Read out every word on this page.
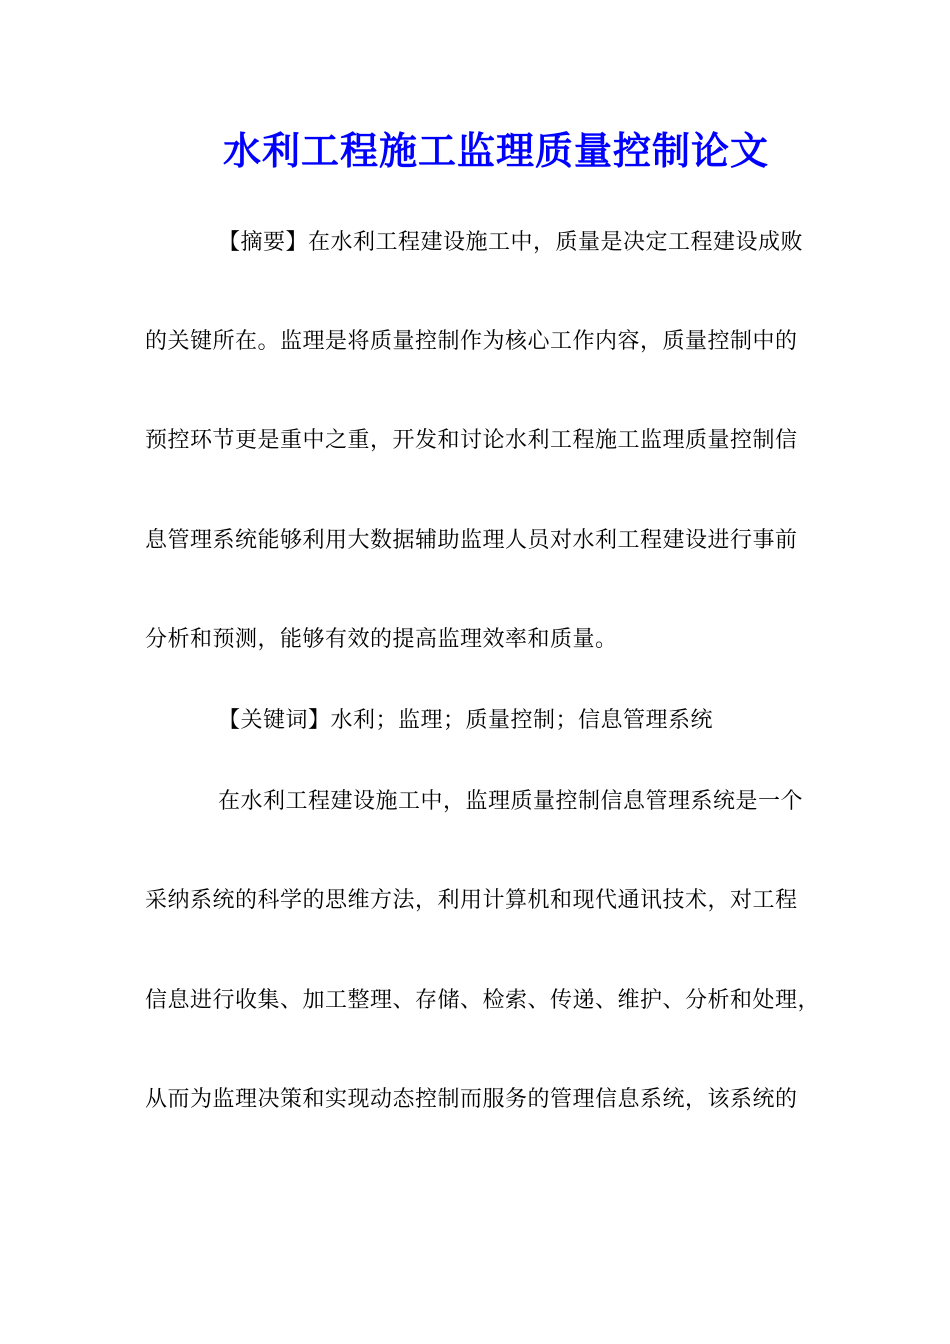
水利工程施工监理质量控制论文
【摘要】在水利工程建设施工中，质量是决定工程建设成败
的关键所在。监理是将质量控制作为核心工作内容，质量控制中的
预控环节更是重中之重，开发和讨论水利工程施工监理质量控制信
息管理系统能够利用大数据辅助监理人员对水利工程建设进行事前
分析和预测，能够有效的提高监理效率和质量。
【关键词】水利；监理；质量控制；信息管理系统
在水利工程建设施工中，监理质量控制信息管理系统是一个
采纳系统的科学的思维方法，利用计算机和现代通讯技术，对工程
信息进行收集、加工整理、存储、检索、传递、维护、分析和处理，
从而为监理决策和实现动态控制而服务的管理信息系统，该系统的
